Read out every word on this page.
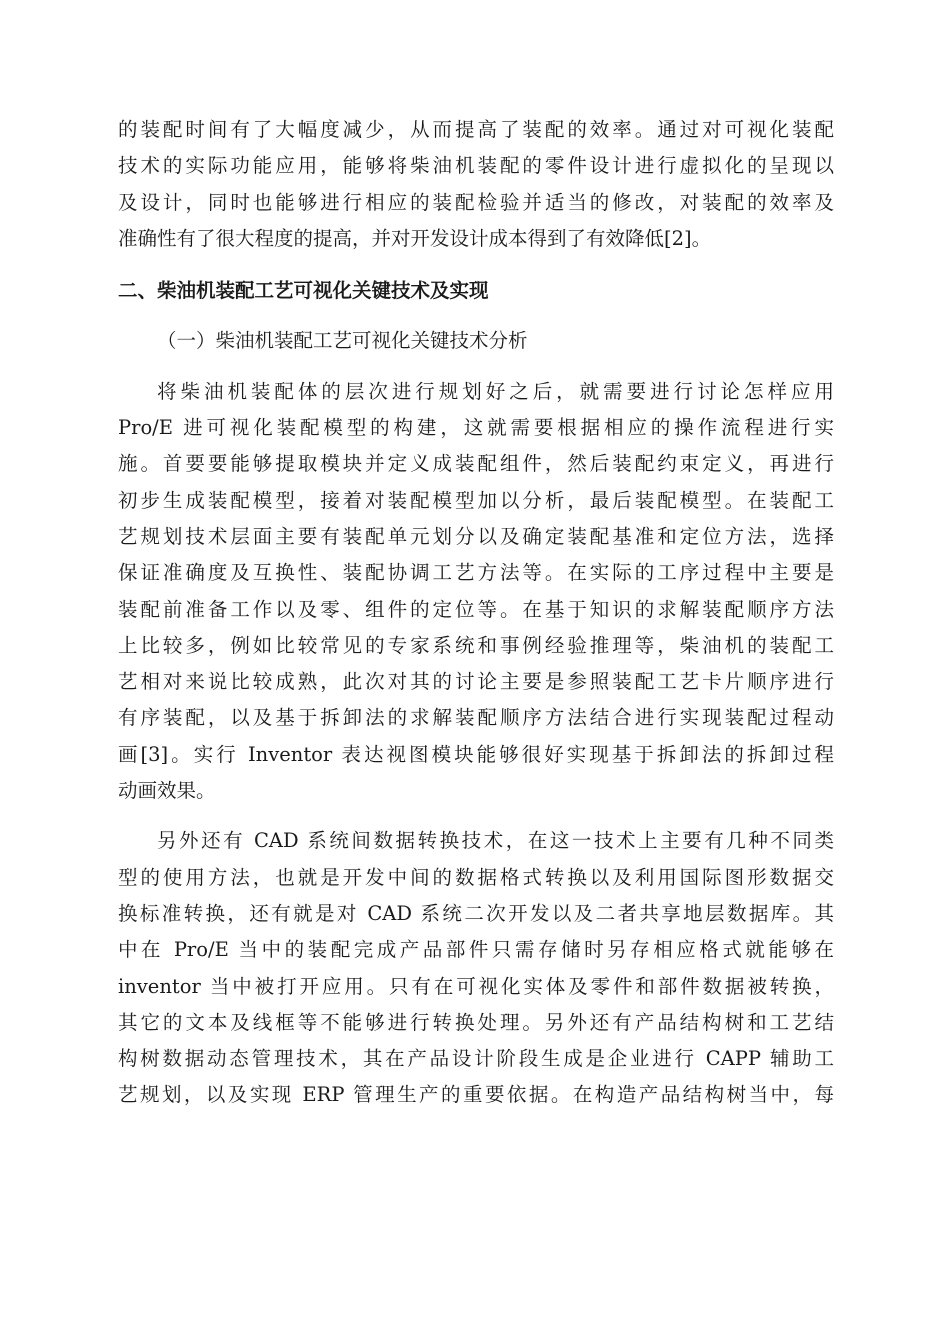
的装配时间有了大幅度减少，从而提高了装配的效率。通过对可视化装配
技术的实际功能应用，能够将柴油机装配的零件设计进行虚拟化的呈现以
及设计，同时也能够进行相应的装配检验并适当的修改，对装配的效率及
准确性有了很大程度的提高，并对开发设计成本得到了有效降低[2]。
二、柴油机装配工艺可视化关键技术及实现
（一）柴油机装配工艺可视化关键技术分析
将柴油机装配体的层次进行规划好之后，就需要进行讨论怎样应用
Pro/E 进可视化装配模型的构建，这就需要根据相应的操作流程进行实
施。首要要能够提取模块并定义成装配组件，然后装配约束定义，再进行
初步生成装配模型，接着对装配模型加以分析，最后装配模型。在装配工
艺规划技术层面主要有装配单元划分以及确定装配基准和定位方法，选择
保证准确度及互换性、装配协调工艺方法等。在实际的工序过程中主要是
装配前准备工作以及零、组件的定位等。在基于知识的求解装配顺序方法
上比较多，例如比较常见的专家系统和事例经验推理等，柴油机的装配工
艺相对来说比较成熟，此次对其的讨论主要是参照装配工艺卡片顺序进行
有序装配，以及基于拆卸法的求解装配顺序方法结合进行实现装配过程动
画[3]。实行 Inventor 表达视图模块能够很好实现基于拆卸法的拆卸过程
动画效果。
另外还有 CAD 系统间数据转换技术，在这一技术上主要有几种不同类
型的使用方法，也就是开发中间的数据格式转换以及利用国际图形数据交
换标准转换，还有就是对 CAD 系统二次开发以及二者共享地层数据库。其
中在 Pro/E 当中的装配完成产品部件只需存储时另存相应格式就能够在
inventor 当中被打开应用。只有在可视化实体及零件和部件数据被转换，
其它的文本及线框等不能够进行转换处理。另外还有产品结构树和工艺结
构树数据动态管理技术，其在产品设计阶段生成是企业进行 CAPP 辅助工
艺规划，以及实现 ERP 管理生产的重要依据。在构造产品结构树当中，每
